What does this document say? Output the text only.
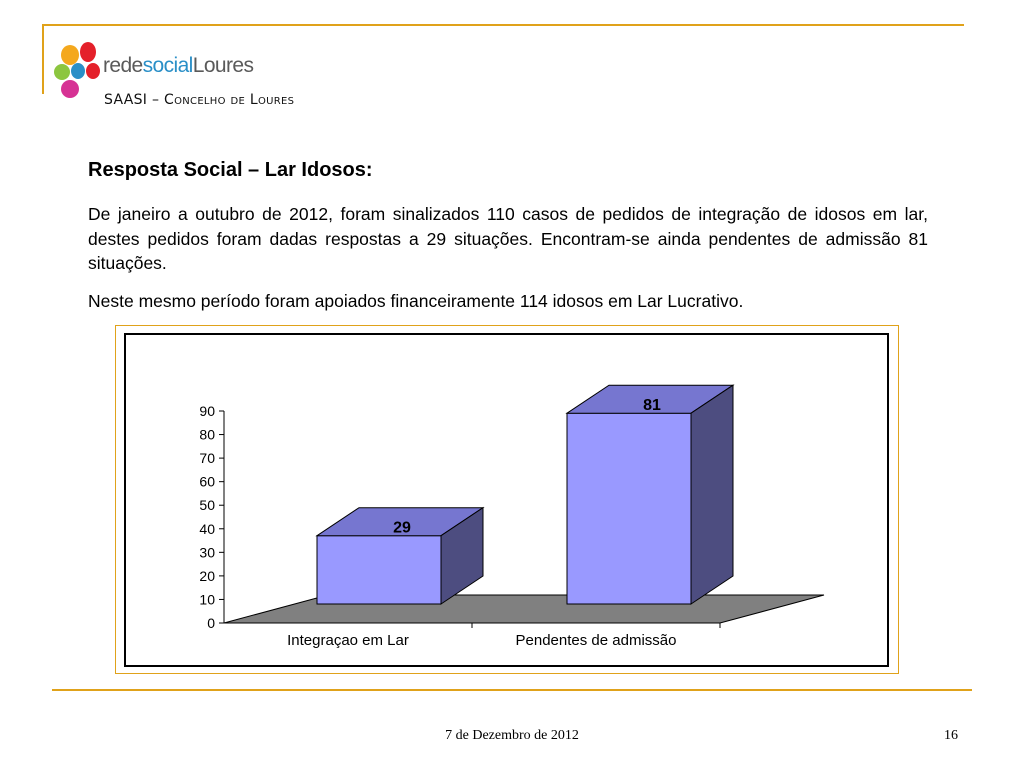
redesocialLoures
SAASI – Concelho de Loures
Resposta Social – Lar Idosos:

De janeiro a outubro de 2012, foram sinalizados 110 casos de pedidos de integração de idosos em lar, destes pedidos foram dadas respostas a 29 situações. Encontram-se ainda pendentes de admissão 81 situações.

Neste mesmo período foram apoiados financeiramente 114 idosos em Lar Lucrativo.

0
10
20
30
40
50
60
70
80
90
29
Integraçao em Lar
81
Pendentes de admissão
7 de Dezembro de 2012	16
